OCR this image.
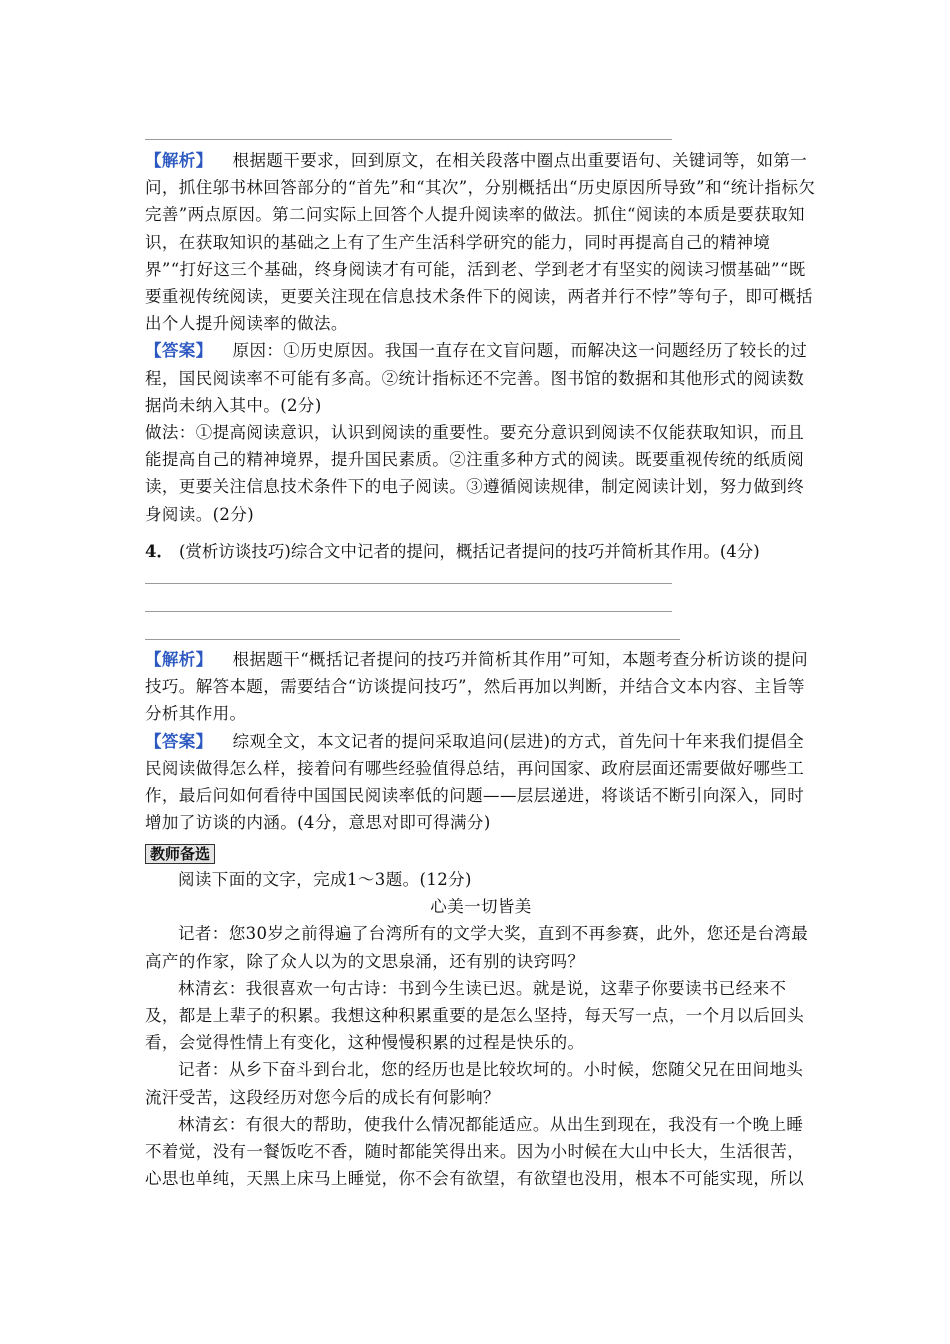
【解析】 根据题干要求，回到原文，在相关段落中圈点出重要语句、关键词等，如第一问，抓住邬书林回答部分的“首先”和“其次”，分别概括出“历史原因所导致”和“统计指标欠完善”两点原因。第二问实际上回答个人提升阅读率的做法。抓住“阅读的本质是要获取知识，在获取知识的基础之上有了生产生活科学研究的能力，同时再提高自己的精神境界”“打好这三个基础，终身阅读才有可能，活到老、学到老才有坚实的阅读习惯基础”“既要重视传统阅读，更要关注现在信息技术条件下的阅读，两者并行不悖”等句子，即可概括出个人提升阅读率的做法。

【答案】 原因：①历史原因。我国一直存在文盲问题，而解决这一问题经历了较长的过程，国民阅读率不可能有多高。②统计指标还不完善。图书馆的数据和其他形式的阅读数据尚未纳入其中。(2分)

做法：①提高阅读意识，认识到阅读的重要性。要充分意识到阅读不仅能获取知识，而且能提高自己的精神境界，提升国民素质。②注重多种方式的阅读。既要重视传统的纸质阅读，更要关注信息技术条件下的电子阅读。③遵循阅读规律，制定阅读计划，努力做到终身阅读。(2分)

4． (赏析访谈技巧)综合文中记者的提问，概括记者提问的技巧并简析其作用。(4分)

【解析】 根据题干“概括记者提问的技巧并简析其作用”可知，本题考查分析访谈的提问技巧。解答本题，需要结合“访谈提问技巧”，然后再加以判断，并结合文本内容、主旨等分析其作用。

【答案】 综观全文，本文记者的提问采取追问(层进)的方式，首先问十年来我们提倡全民阅读做得怎么样，接着问有哪些经验值得总结，再问国家、政府层面还需要做好哪些工作，最后问如何看待中国国民阅读率低的问题——层层递进，将谈话不断引向深入，同时增加了访谈的内涵。(4分，意思对即可得满分)

教师备选

阅读下面的文字，完成1～3题。(12分)

心美一切皆美

记者：您30岁之前得遍了台湾所有的文学大奖，直到不再参赛，此外，您还是台湾最高产的作家，除了众人以为的文思泉涌，还有别的诀窍吗？

林清玄：我很喜欢一句古诗：书到今生读已迟。就是说，这辈子你要读书已经来不及，都是上辈子的积累。我想这种积累重要的是怎么坚持，每天写一点，一个月以后回头看，会觉得性情上有变化，这种慢慢积累的过程是快乐的。

记者：从乡下奋斗到台北，您的经历也是比较坎坷的。小时候，您随父兄在田间地头流汗受苦，这段经历对您今后的成长有何影响？

林清玄：有很大的帮助，使我什么情况都能适应。从出生到现在，我没有一个晚上睡不着觉，没有一餐饭吃不香，随时都能笑得出来。因为小时候在大山中长大，生活很苦，心思也单纯，天黑上床马上睡觉，你不会有欲望，有欲望也没用，根本不可能实现，所以
